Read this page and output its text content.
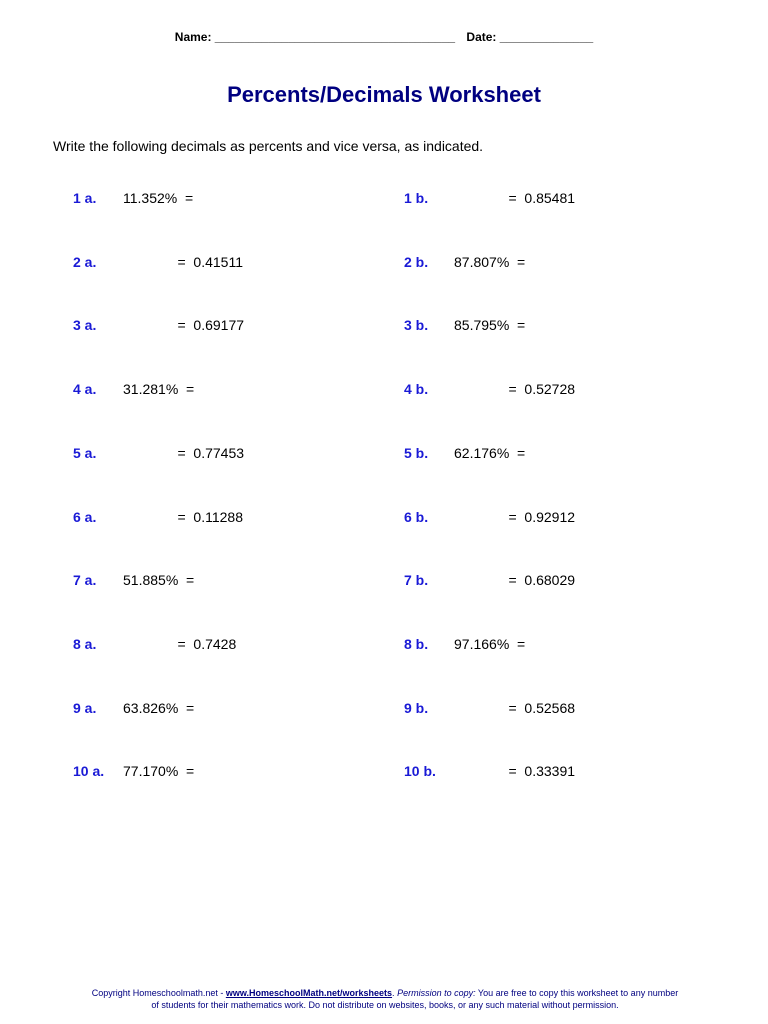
Name: ____________________________________ Date: ______________
Percents/Decimals Worksheet
Write the following decimals as percents and vice versa, as indicated.
1 a. 11.352%  =
2 a. =  0.41511
3 a. =  0.69177
4 a. 31.281%  =
5 a. =  0.77453
6 a. =  0.11288
7 a. 51.885%  =
8 a. =  0.7428
9 a. 63.826%  =
10 a. 77.170%  =
1 b. =  0.85481
2 b. 87.807%  =
3 b. 85.795%  =
4 b. =  0.52728
5 b. 62.176%  =
6 b. =  0.92912
7 b. =  0.68029
8 b. 97.166%  =
9 b. =  0.52568
10 b. =  0.33391
Copyright Homeschoolmath.net - www.HomeschoolMath.net/worksheets. Permission to copy: You are free to copy this worksheet to any number of students for their mathematics work. Do not distribute on websites, books, or any such material without permission.
